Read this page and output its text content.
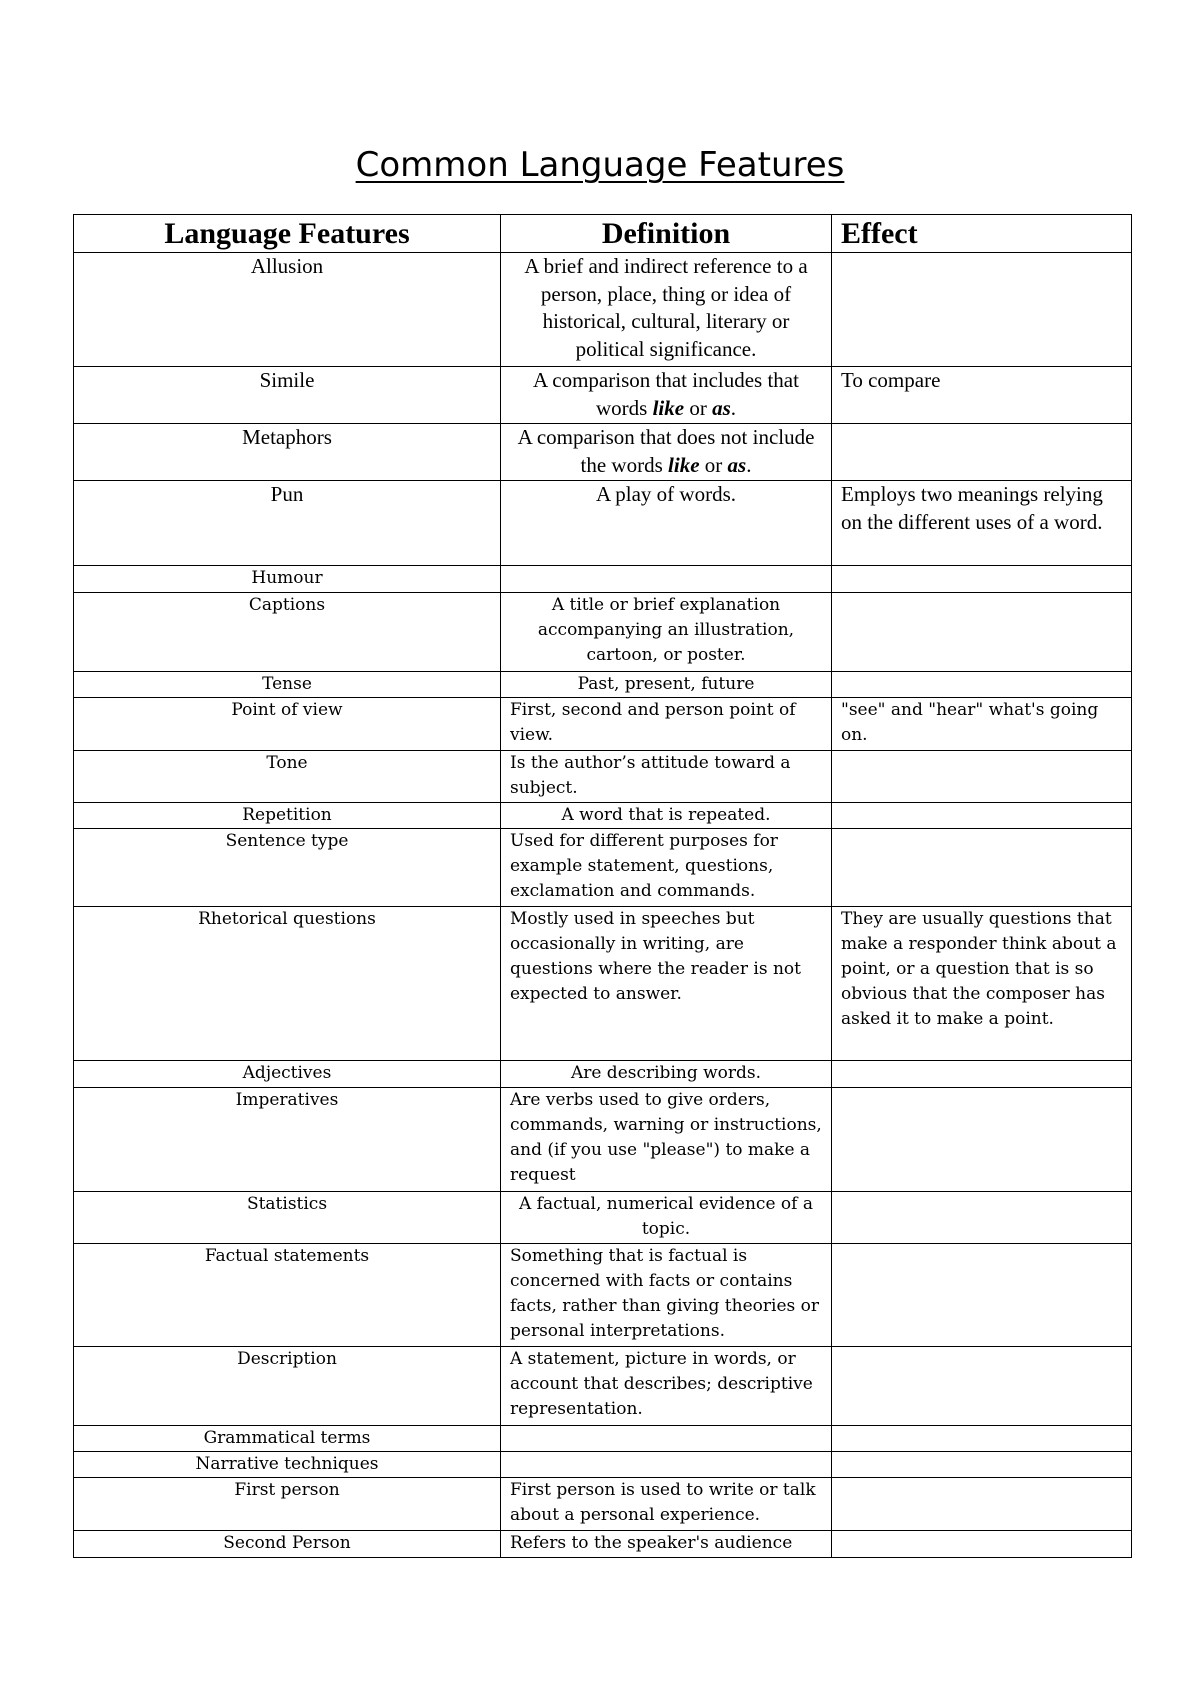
Common Language Features
Language Features	Definition	Effect
Allusion	A brief and indirect reference to a person, place, thing or idea of historical, cultural, literary or political significance.	
Simile	A comparison that includes that words like or as.	To compare
Metaphors	A comparison that does not include the words like or as.	
Pun	A play of words.	Employs two meanings relying on the different uses of a word.
Humour		
Captions	A title or brief explanation accompanying an illustration, cartoon, or poster.	
Tense	Past, present, future	
Point of view	First, second and person point of view.	"see" and "hear" what's going on.
Tone	Is the author’s attitude toward a subject.	
Repetition	A word that is repeated.	
Sentence type	Used for different purposes for example statement, questions, exclamation and commands.	
Rhetorical questions	Mostly used in speeches but occasionally in writing, are questions where the reader is not expected to answer.	They are usually questions that make a responder think about a point, or a question that is so obvious that the composer has asked it to make a point.
Adjectives	Are describing words.	
Imperatives	Are verbs used to give orders, commands, warning or instructions, and (if you use "please") to make a request	
Statistics	A factual, numerical evidence of a topic.	
Factual statements	Something that is factual is concerned with facts or contains facts, rather than giving theories or personal interpretations.	
Description	A statement, picture in words, or account that describes; descriptive representation.	
Grammatical terms		
Narrative techniques		
First person	First person is used to write or talk about a personal experience.	
Second Person	Refers to the speaker's audience	
